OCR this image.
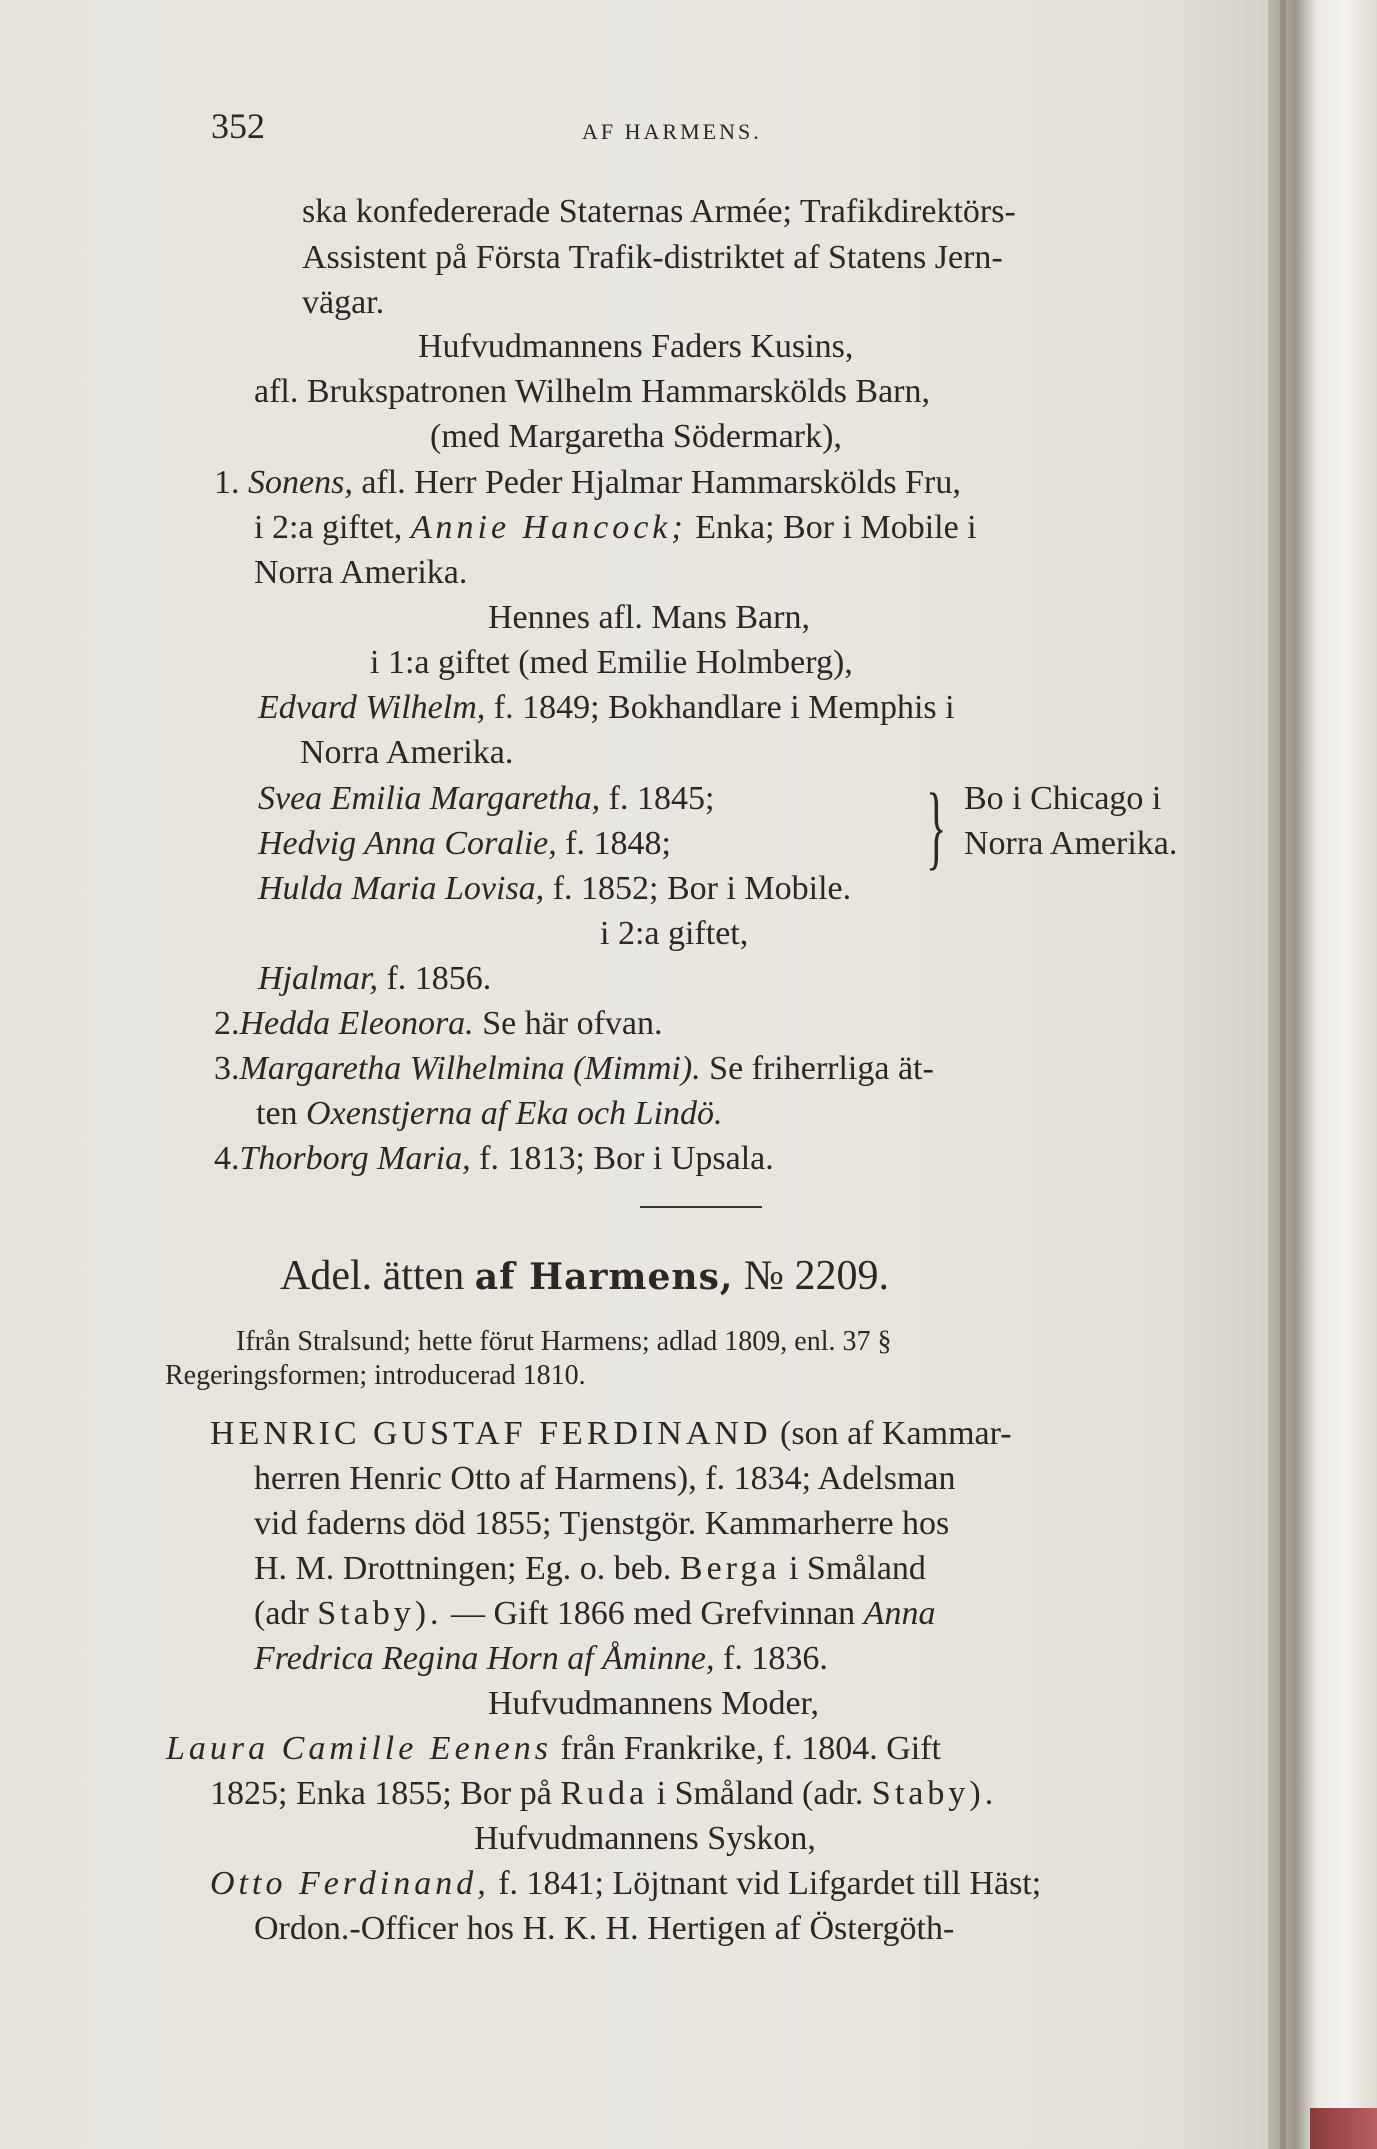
352	AF HARMENS.
ska konfedererade Staternas Armée; Trafikdirektörs-
Assistent på Första Trafik-distriktet af Statens Jern-
vägar.
Hufvudmannens Faders Kusins,
afl. Brukspatronen Wilhelm Hammarskölds Barn,
(med Margaretha Södermark),
1. Sonens, afl. Herr Peder Hjalmar Hammarskölds Fru,
i 2:a giftet, Annie Hancock; Enka; Bor i Mobile i
Norra Amerika.
Hennes afl. Mans Barn,
i 1:a giftet (med Emilie Holmberg),
Edvard Wilhelm, f. 1849; Bokhandlare i Memphis i
Norra Amerika.
Svea Emilia Margaretha, f. 1845;	Bo i Chicago i
Hedvig Anna Coralie, f. 1848;	Norra Amerika.
}
Hulda Maria Lovisa, f. 1852; Bor i Mobile.
i 2:a giftet,
Hjalmar, f. 1856.
2.Hedda Eleonora. Se här ofvan.
3.Margaretha Wilhelmina (Mimmi). Se friherrliga ät-
ten Oxenstjerna af Eka och Lindö.
4.Thorborg Maria, f. 1813; Bor i Upsala.
Adel. ätten af Harmens, № 2209.
Ifrån Stralsund; hette förut Harmens; adlad 1809, enl. 37 §
Regeringsformen; introducerad 1810.
HENRIC GUSTAF FERDINAND (son af Kammar-
herren Henric Otto af Harmens), f. 1834; Adelsman
vid faderns död 1855; Tjenstgör. Kammarherre hos
H. M. Drottningen; Eg. o. beb. Berga i Småland
(adr Staby). — Gift 1866 med Grefvinnan Anna
Fredrica Regina Horn af Åminne, f. 1836.
Hufvudmannens Moder,
Laura Camille Eenens från Frankrike, f. 1804. Gift
1825; Enka 1855; Bor på Ruda i Småland (adr. Staby).
Hufvudmannens Syskon,
Otto Ferdinand, f. 1841; Löjtnant vid Lifgardet till Häst;
Ordon.-Officer hos H. K. H. Hertigen af Östergöth-
